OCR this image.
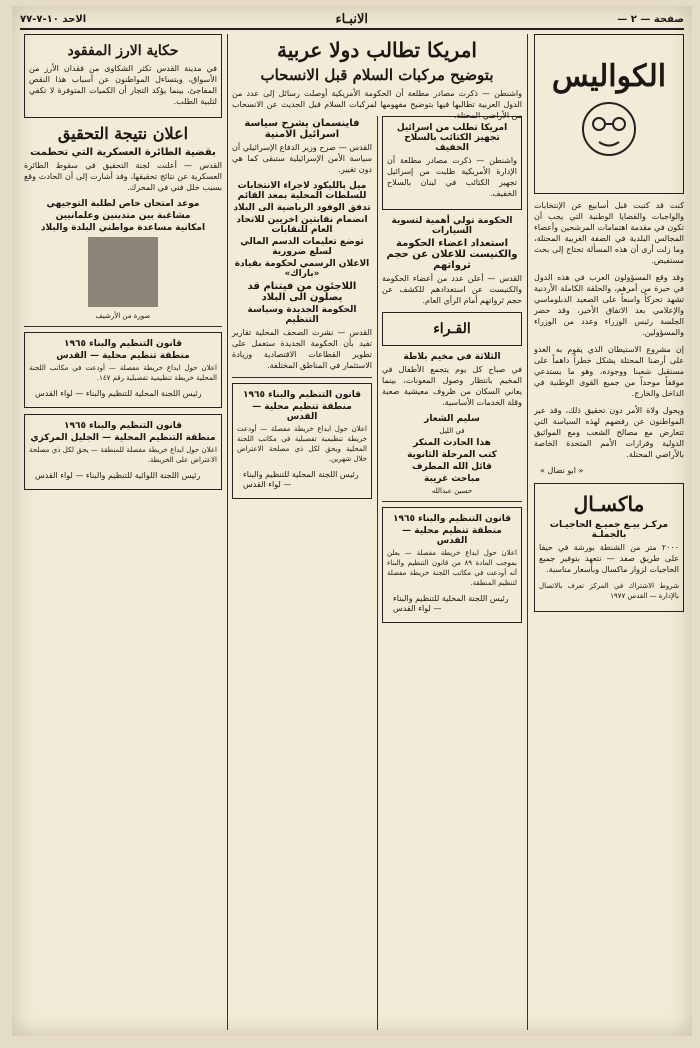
صفحة — ٢ —
الانبـاء
الاحد ١٠-٧-٧٧
الكواليس

كنت قد كتبت قبل أسابيع عن الإنتخابات والواجبات والقضايا الوطنية التي يجب أن تكون في مقدمة اهتمامات المرشحين وأعضاء المجالس البلدية في الضفة الغربية المحتلة، وما زلت أرى أن هذه المسألة تحتاج إلى بحث مستفيض.

وقد وقع المسؤولون العرب في هذه الدول في حيرة من أمرهم، والحلقة الكاملة الأردنية تشهد تحركاً واسعاً على الصعيد الدبلوماسي والإعلامي بعد الاتفاق الأخير، وقد حضر الجلسة رئيس الوزراء وعدد من الوزراء والمسؤولين.

إن مشروع الاستيطان الذي يقوم به العدو على أرضنا المحتلة يشكل خطراً داهماً على مستقبل شعبنا ووجوده، وهو ما يستدعي موقفاً موحداً من جميع القوى الوطنية في الداخل والخارج.

ويحول ولاة الأمر دون تحقيق ذلك، وقد عبر المواطنون عن رفضهم لهذه السياسة التي تتعارض مع مصالح الشعب ومع المواثيق الدولية وقرارات الأمم المتحدة الخاصة بالأراضي المحتلة.

« ابو نضال »
ماكسـال
مركـز بيـع جميـع الحاجيـات بالجملـة

٢٠٠٠ متر من الشنطة بورشة في حيفا على طريق صفد — نتعهد بتوفير جميع الحاجيات لزوار ماكسال وبأسعار مناسبة.

شروط الاشتراك في المركز تعرف بالاتصال بالإدارة — القدس ١٩٧٧

امريكا تطالب دولا عربية
بتوضيح مركبات السلام قبل الانسحاب

واشنطن — ذكرت مصادر مطلعة أن الحكومة الأمريكية أوصلت رسائل إلى عدد من الدول العربية تطالبها فيها بتوضيح مفهومها لمركبات السلام قبل الحديث عن الانسحاب من الأراضي المحتلة.

امريكا تطلب من اسرائيل تجهيز الكتائب بالسلاح الخفيف

واشنطن — ذكرت مصادر مطلعة أن الإدارة الأمريكية طلبت من إسرائيل تجهيز الكتائب في لبنان بالسلاح الخفيف.

الحكومة تولي أهمية لتسوية السيارات
استعداد اعضاء الحكومة والكنيست للاعلان عن حجم ثرواتهم

القدس — أعلن عدد من أعضاء الحكومة والكنيست عن استعدادهم للكشف عن حجم ثرواتهم أمام الرأي العام.

القـراء
الثلاثة في مخيم بلاطة

في صباح كل يوم يتجمع الأطفال في المخيم بانتظار وصول المعونات، بينما يعاني السكان من ظروف معيشية صعبة وقلة الخدمات الأساسية.

سليم الشعار
في الليل
هذا الحادث المنكر
كتب المرحلة الثانوية
قائل الله المطرف
مباحث غريبة
حسين عبدالله
قانون التنظيم والبناء ١٩٦٥
منطقة تنظيم محلية — القدس

اعلان حول ايداع خريطة مفصلة — يعلن بموجب المادة ٨٩ من قانون التنظيم والبناء أنه أودعت في مكاتب اللجنة خريطة مفصلة لتنظيم المنطقة.

رئيس اللجنة المحلية للتنظيم والبناء — لواء القدس
فاينسمان يشرح سياسة اسرائيل الامنية

القدس — صرح وزير الدفاع الإسرائيلي أن سياسة الأمن الإسرائيلية ستبقى كما هي دون تغيير.

ميل بالليكود لاجراء الانتخابات للسلطات المحلية بمعد القائم
تدفق الوفود الرياضية الى البلاد
انضمام نقابتين اخريين للاتحاد العام للنقابات
توضع تعليمات الدسم المالي لسلع ضرورية
الاعلان الرسمي لحكومة بقيادة «باراك»
اللاجئون من فيتنام قد يصلون الى البلاد
الحكومة الجديدة وسياسة التنظيم

القدس — نشرت الصحف المحلية تقارير تفيد بأن الحكومة الجديدة ستعمل على تطوير القطاعات الاقتصادية وزيادة الاستثمار في المناطق المختلفة.

قانون التنظيم والبناء ١٩٦٥
منطقة تنظيم محلية — القدس

اعلان حول ايداع خريطة مفصلة — أودعت خريطة تنظيمية تفصيلية في مكاتب اللجنة المحلية ويحق لكل ذي مصلحة الاعتراض خلال شهرين.

رئيس اللجنة المحلية للتنظيم والبناء — لواء القدس
حكاية الارز المفقود

في مدينة القدس تكثر الشكاوى من فقدان الأرز من الأسواق، ويتساءل المواطنون عن أسباب هذا النقص المفاجئ، بينما يؤكد التجار أن الكميات المتوفرة لا تكفي لتلبية الطلب.

اعلان نتيجة التحقيق
بقضية الطائرة العسكرية التي تحطمت

القدس — أعلنت لجنة التحقيق في سقوط الطائرة العسكرية عن نتائج تحقيقها، وقد أشارت إلى أن الحادث وقع بسبب خلل فني في المحرك.

موعد امتحان خاص لطلبة التوجيهي
مشاغبة بين متدينين وعلمانيين
امكانية مساعدة مواطني البلدة والبلاد
صورة من الأرشيف
قانون التنظيم والبناء ١٩٦٥
منطقة تنظيم محلية — القدس

اعلان حول ايداع خريطة مفصلة — أودعت في مكاتب اللجنة المحلية خريطة تنظيمية تفصيلية رقم ١٤٧.

رئيس اللجنة المحلية للتنظيم والبناء — لواء القدس
قانون التنظيم والبناء ١٩٦٥
منطقة التنظيم المحلية — الجليل المركزي

اعلان حول ايداع خريطة مفصلة للمنطقة — يحق لكل ذي مصلحة الاعتراض على الخريطة.

رئيس اللجنة اللوائية للتنظيم والبناء — لواء القدس
